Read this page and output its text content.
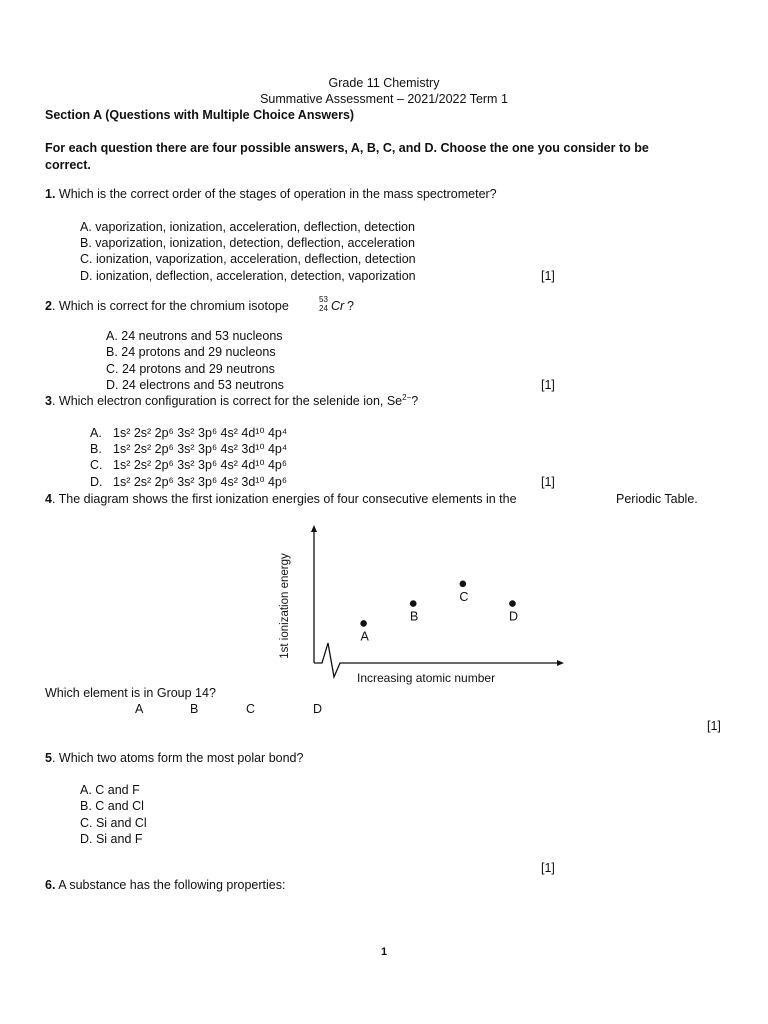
Grade 11 Chemistry
Summative Assessment – 2021/2022 Term 1
Section A (Questions with Multiple Choice Answers)
For each question there are four possible answers, A, B, C, and D. Choose the one you consider to be
correct.
1. Which is the correct order of the stages of operation in the mass spectrometer?
A. vaporization, ionization, acceleration, deflection, detection
B. vaporization, ionization, detection, deflection, acceleration
C. ionization, vaporization, acceleration, deflection, detection
D. ionization, deflection, acceleration, detection, vaporization	[1]
2. Which is correct for the chromium isotope	53
24 Cr ?
A. 24 neutrons and 53 nucleons
B. 24 protons and 29 nucleons
C. 24 protons and 29 neutrons
D. 24 electrons and 53 neutrons	[1]
3. Which electron configuration is correct for the selenide ion, $Se^{2-}$?
A. 1s² 2s² 2p⁶ 3s² 3p⁶ 4s² 4d¹⁰ 4p⁴
B. 1s² 2s² 2p⁶ 3s² 3p⁶ 4s² 3d¹⁰ 4p⁴
C. 1s² 2s² 2p⁶ 3s² 3p⁶ 4s² 4d¹⁰ 4p⁶
D. 1s² 2s² 2p⁶ 3s² 3p⁶ 4s² 3d¹⁰ 4p⁶	[1]
4. The diagram shows the first ionization energies of four consecutive elements in the	Periodic Table.
1st ionization energy
Increasing atomic number
A
B
C
D
Which element is in Group 14?
A	B	C	D
[1]
5. Which two atoms form the most polar bond?
A. C and F
B. C and Cl
C. Si and Cl
D. Si and F
[1]
6. A substance has the following properties:
1
